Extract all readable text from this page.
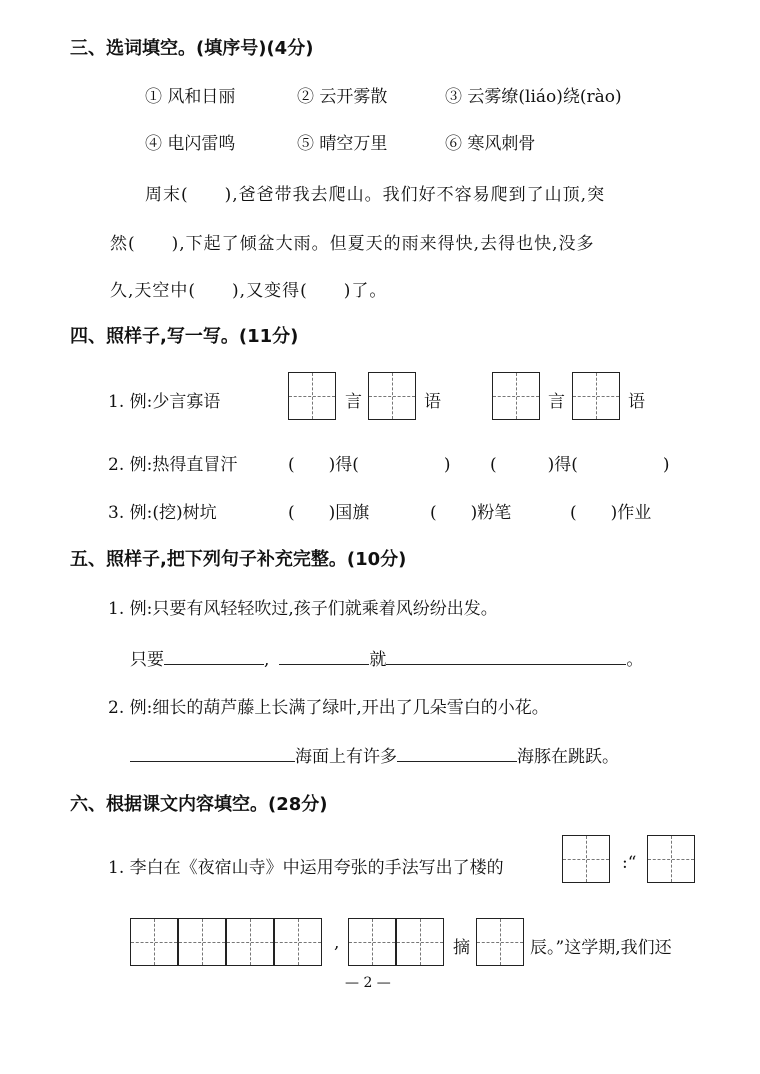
三、选词填空。(填序号)(4分)
① 风和日丽	② 云开雾散	③ 云雾缭(liáo)绕(rào)
④ 电闪雷鸣	⑤ 晴空万里	⑥ 寒风刺骨
周末(　　),爸爸带我去爬山。我们好不容易爬到了山顶,突
然(　　),下起了倾盆大雨。但夏天的雨来得快,去得也快,没多
久,天空中(　　),又变得(　　)了。
四、照样子,写一写。(11分)
1. 例:少言寡语	言	语	言	语
2. 例:热得直冒汗	(　　)得(　　　　　) (　　　)得(　　　　　)
3. 例:(挖)树坑	(　　)国旗	(　　)粉笔	(　　)作业
五、照样子,把下列句子补充完整。(10分)
1. 例:只要有风轻轻吹过,孩子们就乘着风纷纷出发。
只要	,	就	。
2. 例:细长的葫芦藤上长满了绿叶,开出了几朵雪白的小花。
海面上有许多	海豚在跳跃。
六、根据课文内容填空。(28分)
1. 李白在《夜宿山寺》中运用夸张的手法写出了楼的	:“
,	摘	辰。”这学期,我们还
— 2 —
